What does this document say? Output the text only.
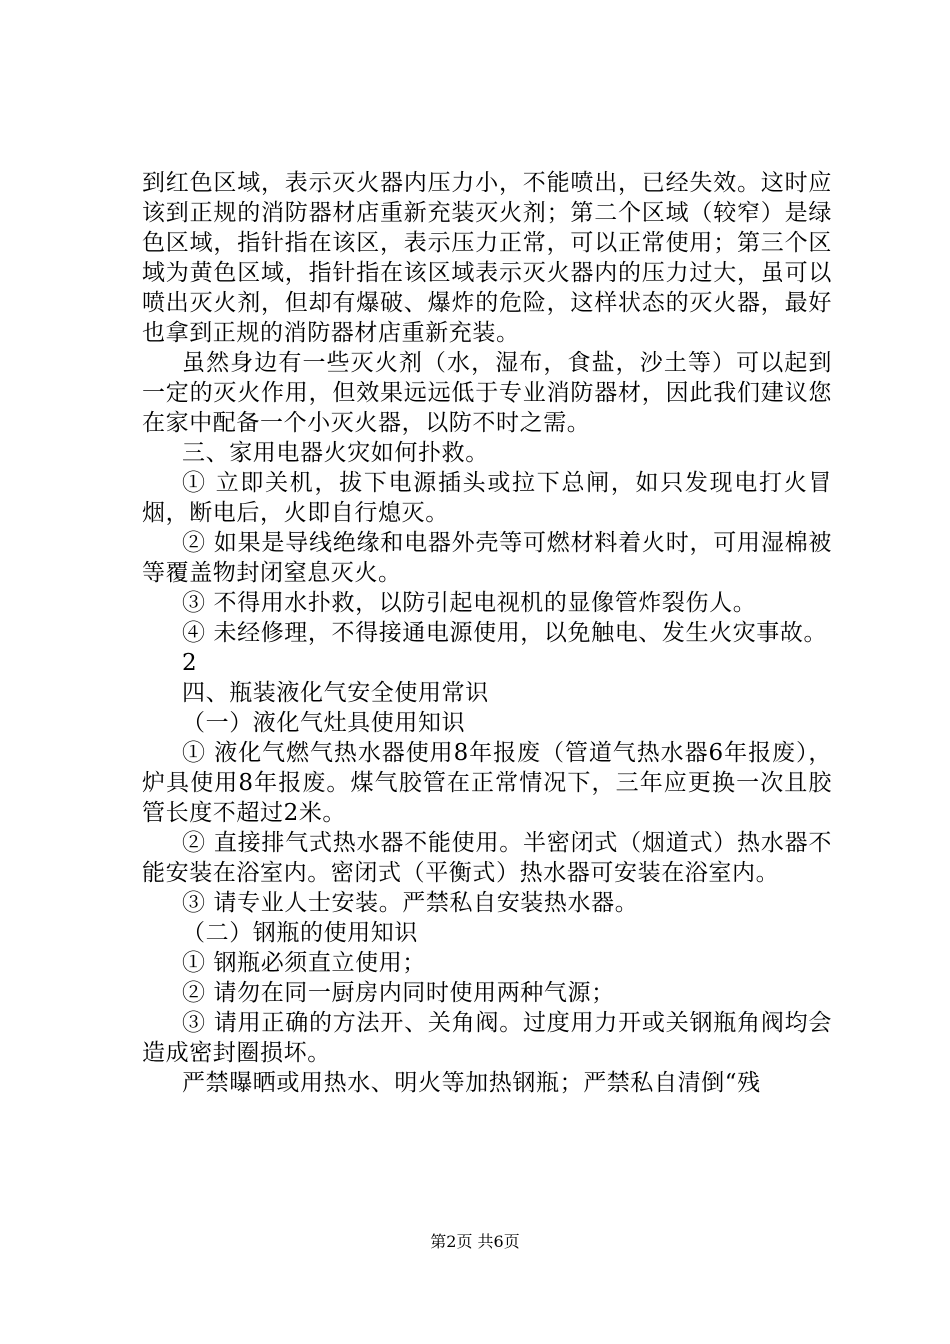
到红色区域，表示灭火器内压力小，不能喷出，已经失效。这时应该到正规的消防器材店重新充装灭火剂；第二个区域（较窄）是绿色区域，指针指在该区，表示压力正常，可以正常使用；第三个区域为黄色区域，指针指在该区域表示灭火器内的压力过大，虽可以喷出灭火剂，但却有爆破、爆炸的危险，这样状态的灭火器，最好也拿到正规的消防器材店重新充装。

虽然身边有一些灭火剂（水，湿布，食盐，沙土等）可以起到一定的灭火作用，但效果远远低于专业消防器材，因此我们建议您在家中配备一个小灭火器，以防不时之需。

三、家用电器火灾如何扑救。

① 立即关机，拔下电源插头或拉下总闸，如只发现电打火冒烟，断电后，火即自行熄灭。

② 如果是导线绝缘和电器外壳等可燃材料着火时，可用湿棉被等覆盖物封闭窒息灭火。

③ 不得用水扑救，以防引起电视机的显像管炸裂伤人。

④ 未经修理，不得接通电源使用，以免触电、发生火灾事故。

2

四、瓶装液化气安全使用常识

（一）液化气灶具使用知识

① 液化气燃气热水器使用8年报废（管道气热水器6年报废），炉具使用8年报废。煤气胶管在正常情况下，三年应更换一次且胶管长度不超过2米。

② 直接排气式热水器不能使用。半密闭式（烟道式）热水器不能安装在浴室内。密闭式（平衡式）热水器可安装在浴室内。

③ 请专业人士安装。严禁私自安装热水器。

（二）钢瓶的使用知识

① 钢瓶必须直立使用；

② 请勿在同一厨房内同时使用两种气源；

③ 请用正确的方法开、关角阀。过度用力开或关钢瓶角阀均会造成密封圈损坏。

严禁曝晒或用热水、明火等加热钢瓶；严禁私自清倒“残

第2页 共6页
